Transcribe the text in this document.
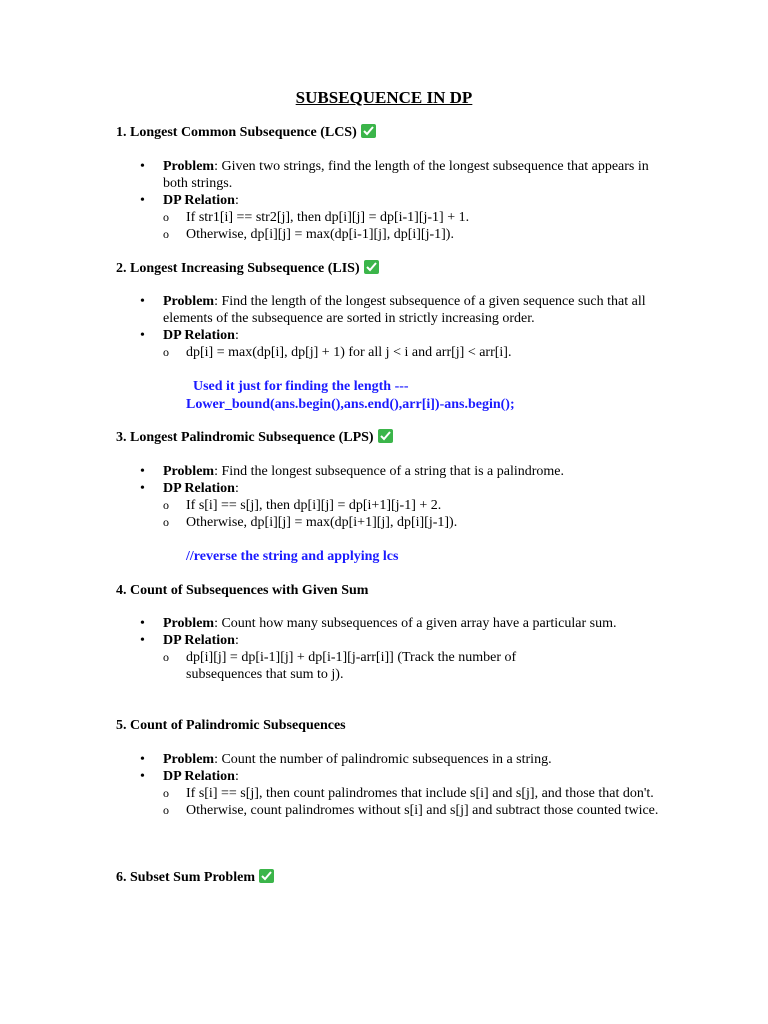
SUBSEQUENCE IN DP
1. Longest Common Subsequence (LCS)
• Problem: Given two strings, find the length of the longest subsequence that appears in both strings.
• DP Relation:
o If str1[i] == str2[j], then dp[i][j] = dp[i-1][j-1] + 1.
o Otherwise, dp[i][j] = max(dp[i-1][j], dp[i][j-1]).
2. Longest Increasing Subsequence (LIS)
• Problem: Find the length of the longest subsequence of a given sequence such that all elements of the subsequence are sorted in strictly increasing order.
• DP Relation:
o dp[i] = max(dp[i], dp[j] + 1) for all j < i and arr[j] < arr[i].

Used it just for finding the length ---

Lower_bound(ans.begin(),ans.end(),arr[i])-ans.begin();

3. Longest Palindromic Subsequence (LPS)
• Problem: Find the longest subsequence of a string that is a palindrome.
• DP Relation:
o If s[i] == s[j], then dp[i][j] = dp[i+1][j-1] + 2.
o Otherwise, dp[i][j] = max(dp[i+1][j], dp[i][j-1]).

//reverse the string and applying lcs

4. Count of Subsequences with Given Sum
• Problem: Count how many subsequences of a given array have a particular sum.
• DP Relation:
o dp[i][j] = dp[i-1][j] + dp[i-1][j-arr[i]] (Track the number of subsequences that sum to j).
5. Count of Palindromic Subsequences
• Problem: Count the number of palindromic subsequences in a string.
• DP Relation:
o If s[i] == s[j], then count palindromes that include s[i] and s[j], and those that don't.
o Otherwise, count palindromes without s[i] and s[j] and subtract those counted twice.
6. Subset Sum Problem
